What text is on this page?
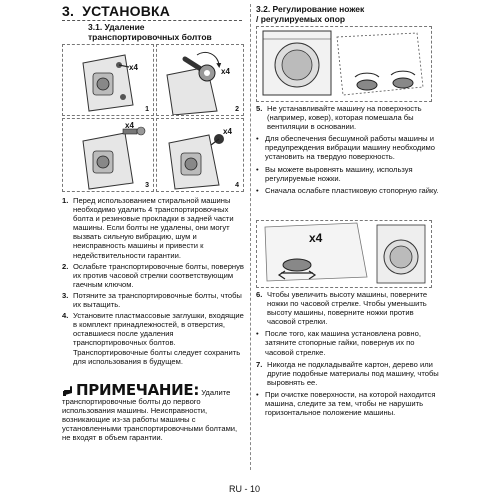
3. УСТАНОВКА
3.1. Удаление
транспортировочных болтов
x4
1
x4
2
x4
3
x4
4
1. Перед использованием стиральной машины необходимо удалить 4 транспортировочных болта и резиновые прокладки в задней части машины. Если болты не удалены, они могут вызвать сильную вибрацию, шум и неисправность машины и привести к недействительности гарантии.
2. Ослабьте транспортировочные болты, повернув их против часовой стрелки соответствующим гаечным ключом.
3. Потяните за транспортировочные болты, чтобы их вытащить.
4. Установите пластмассовые заглушки, входящие в комплект принадлежностей, в отверстия, оставшиеся после удаления транспортировочных болтов. Транспортировочные болты следует сохранить для использования в будущем.
ПРИМЕЧАНИЕ: Удалите
транспортировочные болты до первого использования машины. Неисправности, возникающие из-за работы машины с установленными транспортировочными болтами, не входят в объем гарантии.
3.2. Регулирование ножек
/ регулируемых опор
5. Не устанавливайте машину на поверхность (например, ковер), которая помешала бы вентиляции в основании.
• Для обеспечения бесшумной работы машины и предупреждения вибрации машину необходимо установить на твердую поверхность.
• Вы можете выровнять машину, используя регулируемые ножки.
• Сначала ослабьте пластиковую стопорную гайку.
x4
6. Чтобы увеличить высоту машины, поверните ножки по часовой стрелке. Чтобы уменьшить высоту машины, поверните ножки против часовой стрелки.
• После того, как машина установлена ровно, затяните стопорные гайки, повернув их по часовой стрелке.
7. Никогда не подкладывайте картон, дерево или другие подобные материалы под машину, чтобы выровнять ее.
• При очистке поверхности, на которой находится машина, следите за тем, чтобы не нарушить горизонтальное положение машины.
RU - 10
